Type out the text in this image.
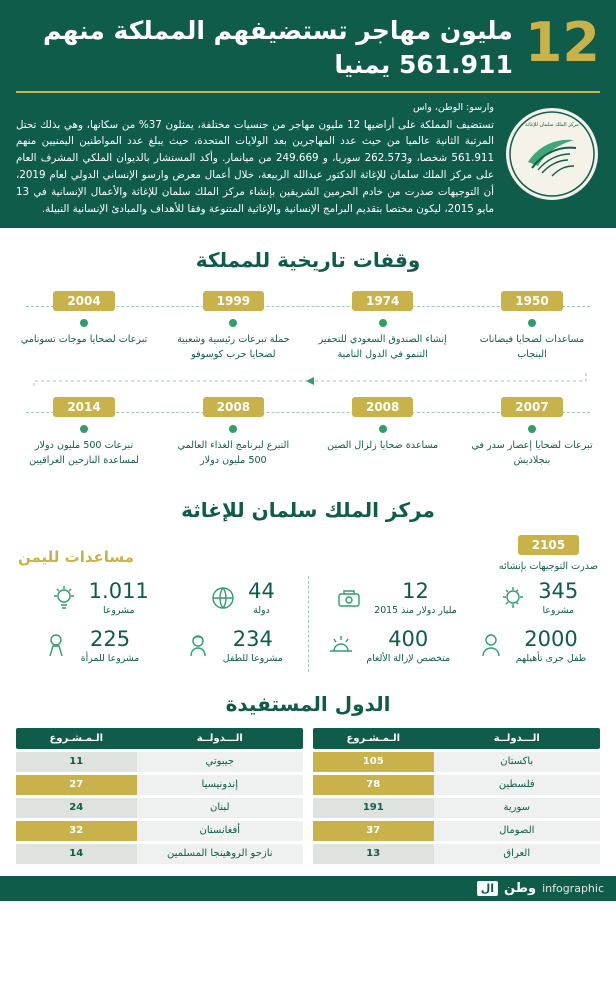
12
مليون مهاجر تستضيفهم المملكة منهم 561.911 يمنيا
مركز الملك سلمان للإغاثة
وارسو: الوطن، واس
تستضيف المملكة على أراضيها 12 مليون مهاجر من جنسيات مختلفة، يمثلون 37% من سكانها، وهي بذلك تحتل المرتبة الثانية عالميا من حيث عدد المهاجرين بعد الولايات المتحدة، حيث يبلغ عدد المواطنين اليمنيين منهم 561.911 شخصا، و262.573 سوريا، و 249.669 من ميانمار. وأكد المستشار بالديوان الملكي المشرف العام على مركز الملك سلمان للإغاثة الدكتور عبدالله الربيعة، خلال أعمال معرض وارسو الإنساني الدولي لعام 2019، أن التوجيهات صدرت من خادم الحرمين الشريفين بإنشاء مركز الملك سلمان للإغاثة والأعمال الإنسانية في 13 مايو 2015، ليكون مختصا بتقديم البرامج الإنسانية والإغاثية المتنوعة وفقا للأهداف والمبادئ الإنسانية النبيلة.
وقفات تاريخية للمملكة
1950
مساعدات لضحايا فيضانات البنجاب
1974
إنشاء الصندوق السعودي للتحفيز التنمو في الدول النامية
1999
حملة تبرعات رئيسية وشعبية لضحايا حرب كوسوفو
2004
تبرعات لضحايا موجات تسونامي
2007
تبرعات لضحايا إعصار سدر في بنجلاديش
2008
مساعدة ضحايا زلزال الصين
2008
التبرع لبرنامج الغذاء العالمي 500 مليون دولار
2014
تبرعات 500 مليون دولار لمساعدة النازحين العراقيين
مركز الملك سلمان للإغاثة
2105
صدرت التوجيهات بإنشائه
مساعدات لليمن
345
مشروعا
12
مليار دولار منذ 2015
2000
طفل جرى تأهيلهم
400
متخصص لإزالة الألغام
44
دولة
1.011
مشروعا
234
مشروعا للطفل
225
مشروعا للمرأة
الدول المستفيدة
الـــدولــة
الـمـشـروع
باكستان
105
فلسطين
78
سورية
191
الصومال
37
العراق
13
الـــدولــة
الـمـشـروع
جيبوتي
11
إندونيسيا
27
لبنان
24
أفغانستان
32
نازحو الروهينجا المسلمين
14
ال وطن infographic
